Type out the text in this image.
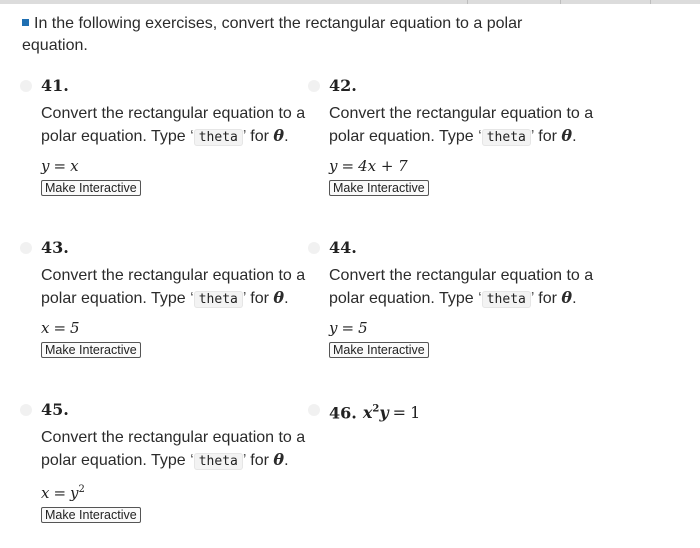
In the following exercises, convert the rectangular equation to a polar equation.
41.
Convert the rectangular equation to a polar equation. Type ‘ theta ’ for θ.
y = x
Make Interactive
42.
Convert the rectangular equation to a polar equation. Type ‘ theta ’ for θ.
y = 4x + 7
Make Interactive
43.
Convert the rectangular equation to a polar equation. Type ‘ theta ’ for θ.
x = 5
Make Interactive
44.
Convert the rectangular equation to a polar equation. Type ‘ theta ’ for θ.
y = 5
Make Interactive
45.
Convert the rectangular equation to a polar equation. Type ‘ theta ’ for θ.
$x = y^2$
Make Interactive
46. $x^2y = 1$
